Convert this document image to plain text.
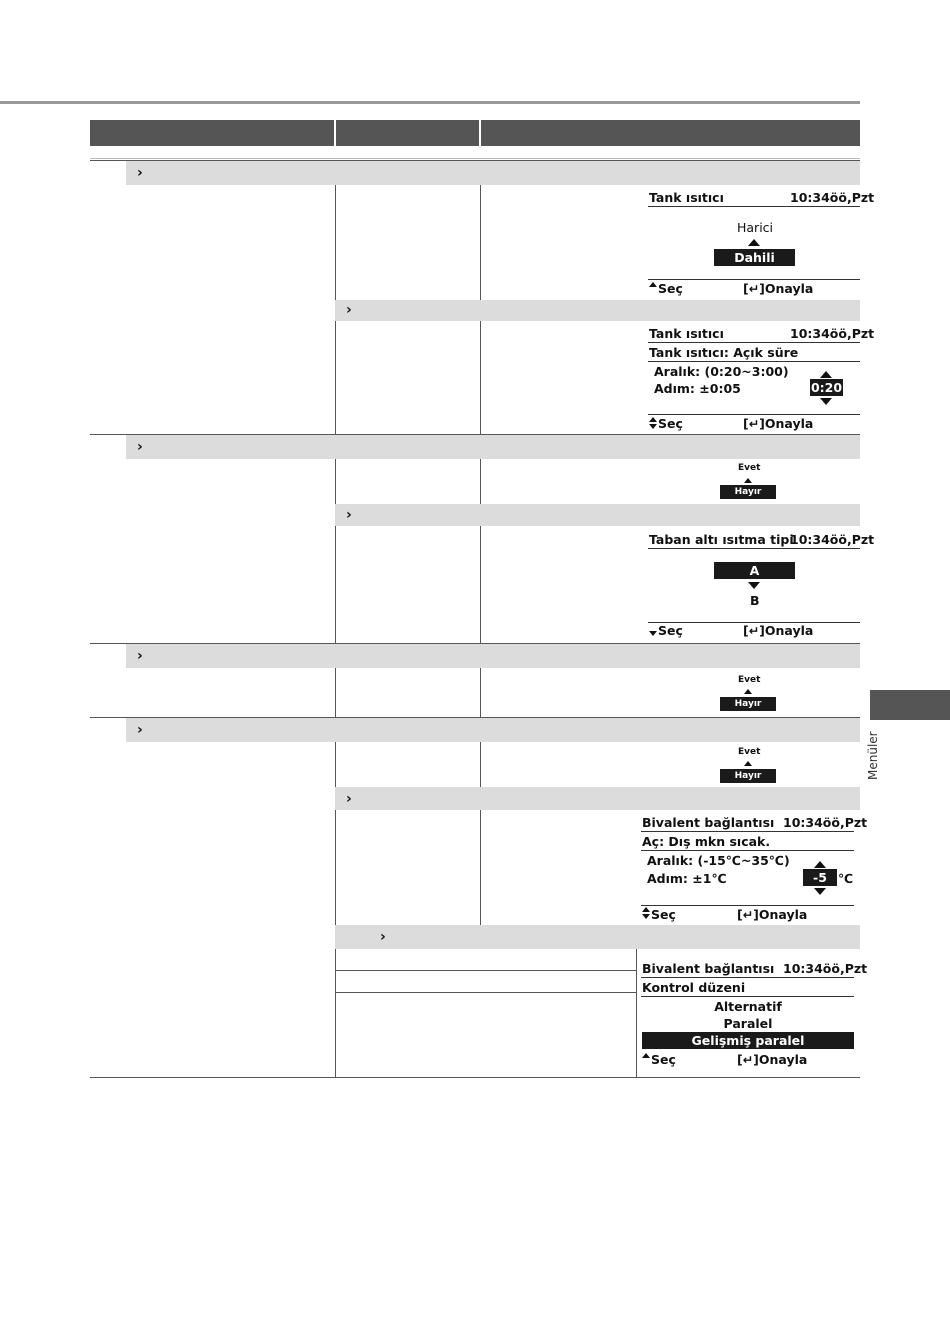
›
Tank ısıtıcı	10:34öö,Pzt
Harici
Dahili
Seç	[↵]Onayla
›
Tank ısıtıcı	10:34öö,Pzt
Tank ısıtıcı: Açık süre
Aralık: (0:20~3:00)
Adım: ±0:05	0:20
Seç	[↵]Onayla
›
Evet
Hayır
›
Taban altı ısıtma tipi
10:34öö,Pzt
A
B
Seç	[↵]Onayla
›
Evet
Hayır
›
Evet
Hayır
›
Bivalent bağlantısı 10:34öö,Pzt
Aç: Dış mkn sıcak.
Aralık: (-15℃~35℃)
Adım: ±1℃	-5 ℃
Seç	[↵]Onayla
›
Bivalent bağlantısı 10:34öö,Pzt
Kontrol düzeni
Alternatif
Paralel
Gelişmiş paralel
Seç	[↵]Onayla
Menüler
